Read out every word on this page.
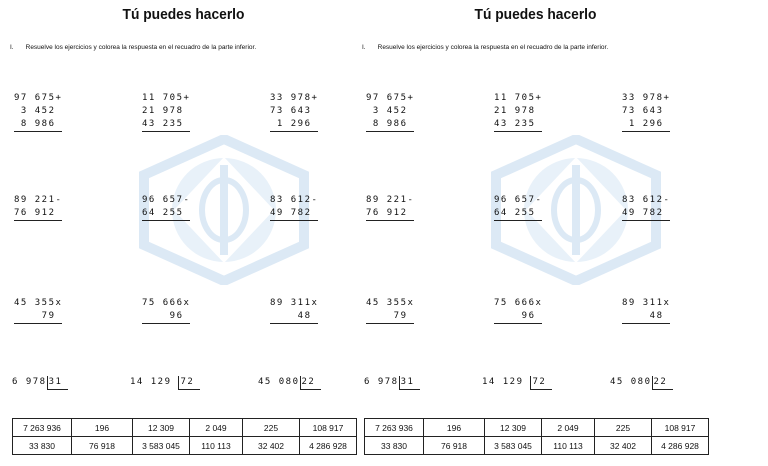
Tú puedes hacerlo
I. Resuelve los ejercicios y colorea la respuesta en el recuadro de la parte inferior.

97 675+
3 452
8 986

11 705+
21 978
43 235

33 978+
73 643
1 296

89 221-
76 912

96 657-
64 255

83 612-
49 782

45 355x
79

75 666x
96

89 311x
48

6 978 31	14 129 72	45 080 22
7 263 936	196	12 309	2 049	225	108 917
33 830	76 918	3 583 045	110 113	32 402	4 286 928
Tú puedes hacerlo
I. Resuelve los ejercicios y colorea la respuesta en el recuadro de la parte inferior.

97 675+
3 452
8 986

11 705+
21 978
43 235

33 978+
73 643
1 296

89 221-
76 912

96 657-
64 255

83 612-
49 782

45 355x
79

75 666x
96

89 311x
48

6 978 31	14 129 72	45 080 22
7 263 936	196	12 309	2 049	225	108 917
33 830	76 918	3 583 045	110 113	32 402	4 286 928
